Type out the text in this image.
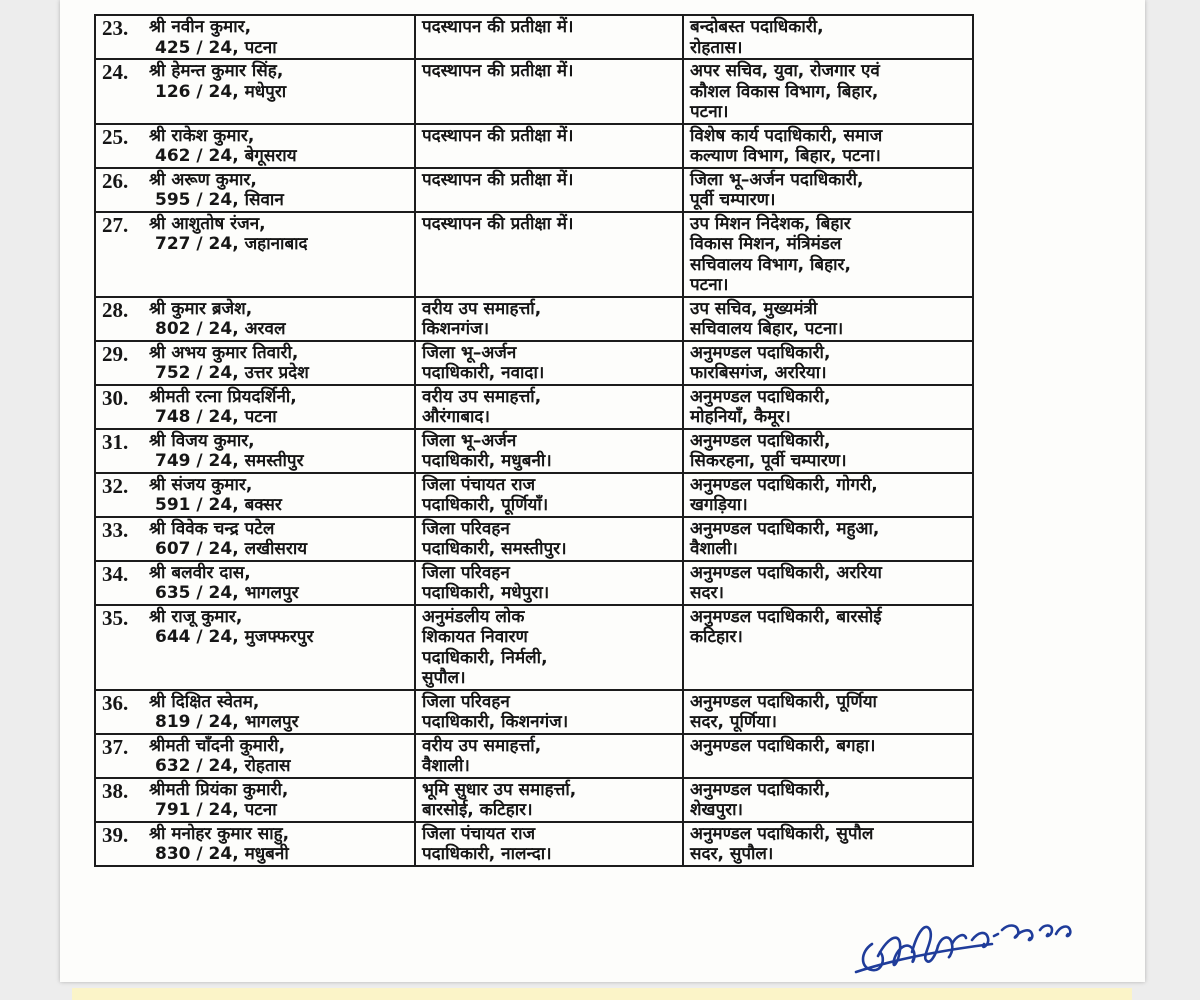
23.	श्री नवीन कुमार,
425 / 24, पटना	पदस्थापन की प्रतीक्षा में।	बन्दोबस्त पदाधिकारी,
रोहतास।

24.	श्री हेमन्त कुमार सिंह,
126 / 24, मधेपुरा	पदस्थापन की प्रतीक्षा में।	अपर सचिव, युवा, रोजगार एवं
कौशल विकास विभाग, बिहार,
पटना।

25.	श्री राकेश कुमार,
462 / 24, बेगूसराय	पदस्थापन की प्रतीक्षा में।	विशेष कार्य पदाधिकारी, समाज
कल्याण विभाग, बिहार, पटना।

26.	श्री अरूण कुमार,
595 / 24, सिवान	पदस्थापन की प्रतीक्षा में।	जिला भू–अर्जन पदाधिकारी,
पूर्वी चम्पारण।

27.	श्री आशुतोष रंजन,
727 / 24, जहानाबाद	पदस्थापन की प्रतीक्षा में।	उप मिशन निदेशक, बिहार
विकास मिशन, मंत्रिमंडल
सचिवालय विभाग, बिहार,
पटना।

28.	श्री कुमार ब्रजेश,
802 / 24, अरवल	वरीय उप समाहर्त्ता,
किशनगंज।	उप सचिव, मुख्यमंत्री
सचिवालय बिहार, पटना।

29.	श्री अभय कुमार तिवारी,
752 / 24, उत्तर प्रदेश	जिला भू–अर्जन
पदाधिकारी, नवादा।	अनुमण्डल पदाधिकारी,
फारबिसगंज, अररिया।

30.	श्रीमती रत्ना प्रियदर्शिनी,
748 / 24, पटना	वरीय उप समाहर्त्ता,
औरंगाबाद।	अनुमण्डल पदाधिकारी,
मोहनियाँ, कैमूर।

31.	श्री विजय कुमार,
749 / 24, समस्तीपुर	जिला भू–अर्जन
पदाधिकारी, मधुबनी।	अनुमण्डल पदाधिकारी,
सिकरहना, पूर्वी चम्पारण।

32.	श्री संजय कुमार,
591 / 24, बक्सर	जिला पंचायत राज
पदाधिकारी, पूर्णियाँ।	अनुमण्डल पदाधिकारी, गोगरी,
खगड़िया।

33.	श्री विवेक चन्द्र पटेल
607 / 24, लखीसराय	जिला परिवहन
पदाधिकारी, समस्तीपुर।	अनुमण्डल पदाधिकारी, महुआ,
वैशाली।

34.	श्री बलवीर दास,
635 / 24, भागलपुर	जिला परिवहन
पदाधिकारी, मधेपुरा।	अनुमण्डल पदाधिकारी, अररिया
सदर।

35.	श्री राजू कुमार,
644 / 24, मुजफ्फरपुर	अनुमंडलीय लोक
शिकायत निवारण
पदाधिकारी, निर्मली,
सुपौल।	अनुमण्डल पदाधिकारी, बारसोई
कटिहार।

36.	श्री दिक्षित स्वेतम,
819 / 24, भागलपुर	जिला परिवहन
पदाधिकारी, किशनगंज।	अनुमण्डल पदाधिकारी, पूर्णिया
सदर, पूर्णिया।

37.	श्रीमती चाँदनी कुमारी,
632 / 24, रोहतास	वरीय उप समाहर्त्ता,
वैशाली।	अनुमण्डल पदाधिकारी, बगहा।

38.	श्रीमती प्रियंका कुमारी,
791 / 24, पटना	भूमि सुधार उप समाहर्त्ता,
बारसोई, कटिहार।	अनुमण्डल पदाधिकारी,
शेखपुरा।

39.	श्री मनोहर कुमार साहु,
830 / 24, मधुबनी	जिला पंचायत राज
पदाधिकारी, नालन्दा।	अनुमण्डल पदाधिकारी, सुपौल
सदर, सुपौल।
